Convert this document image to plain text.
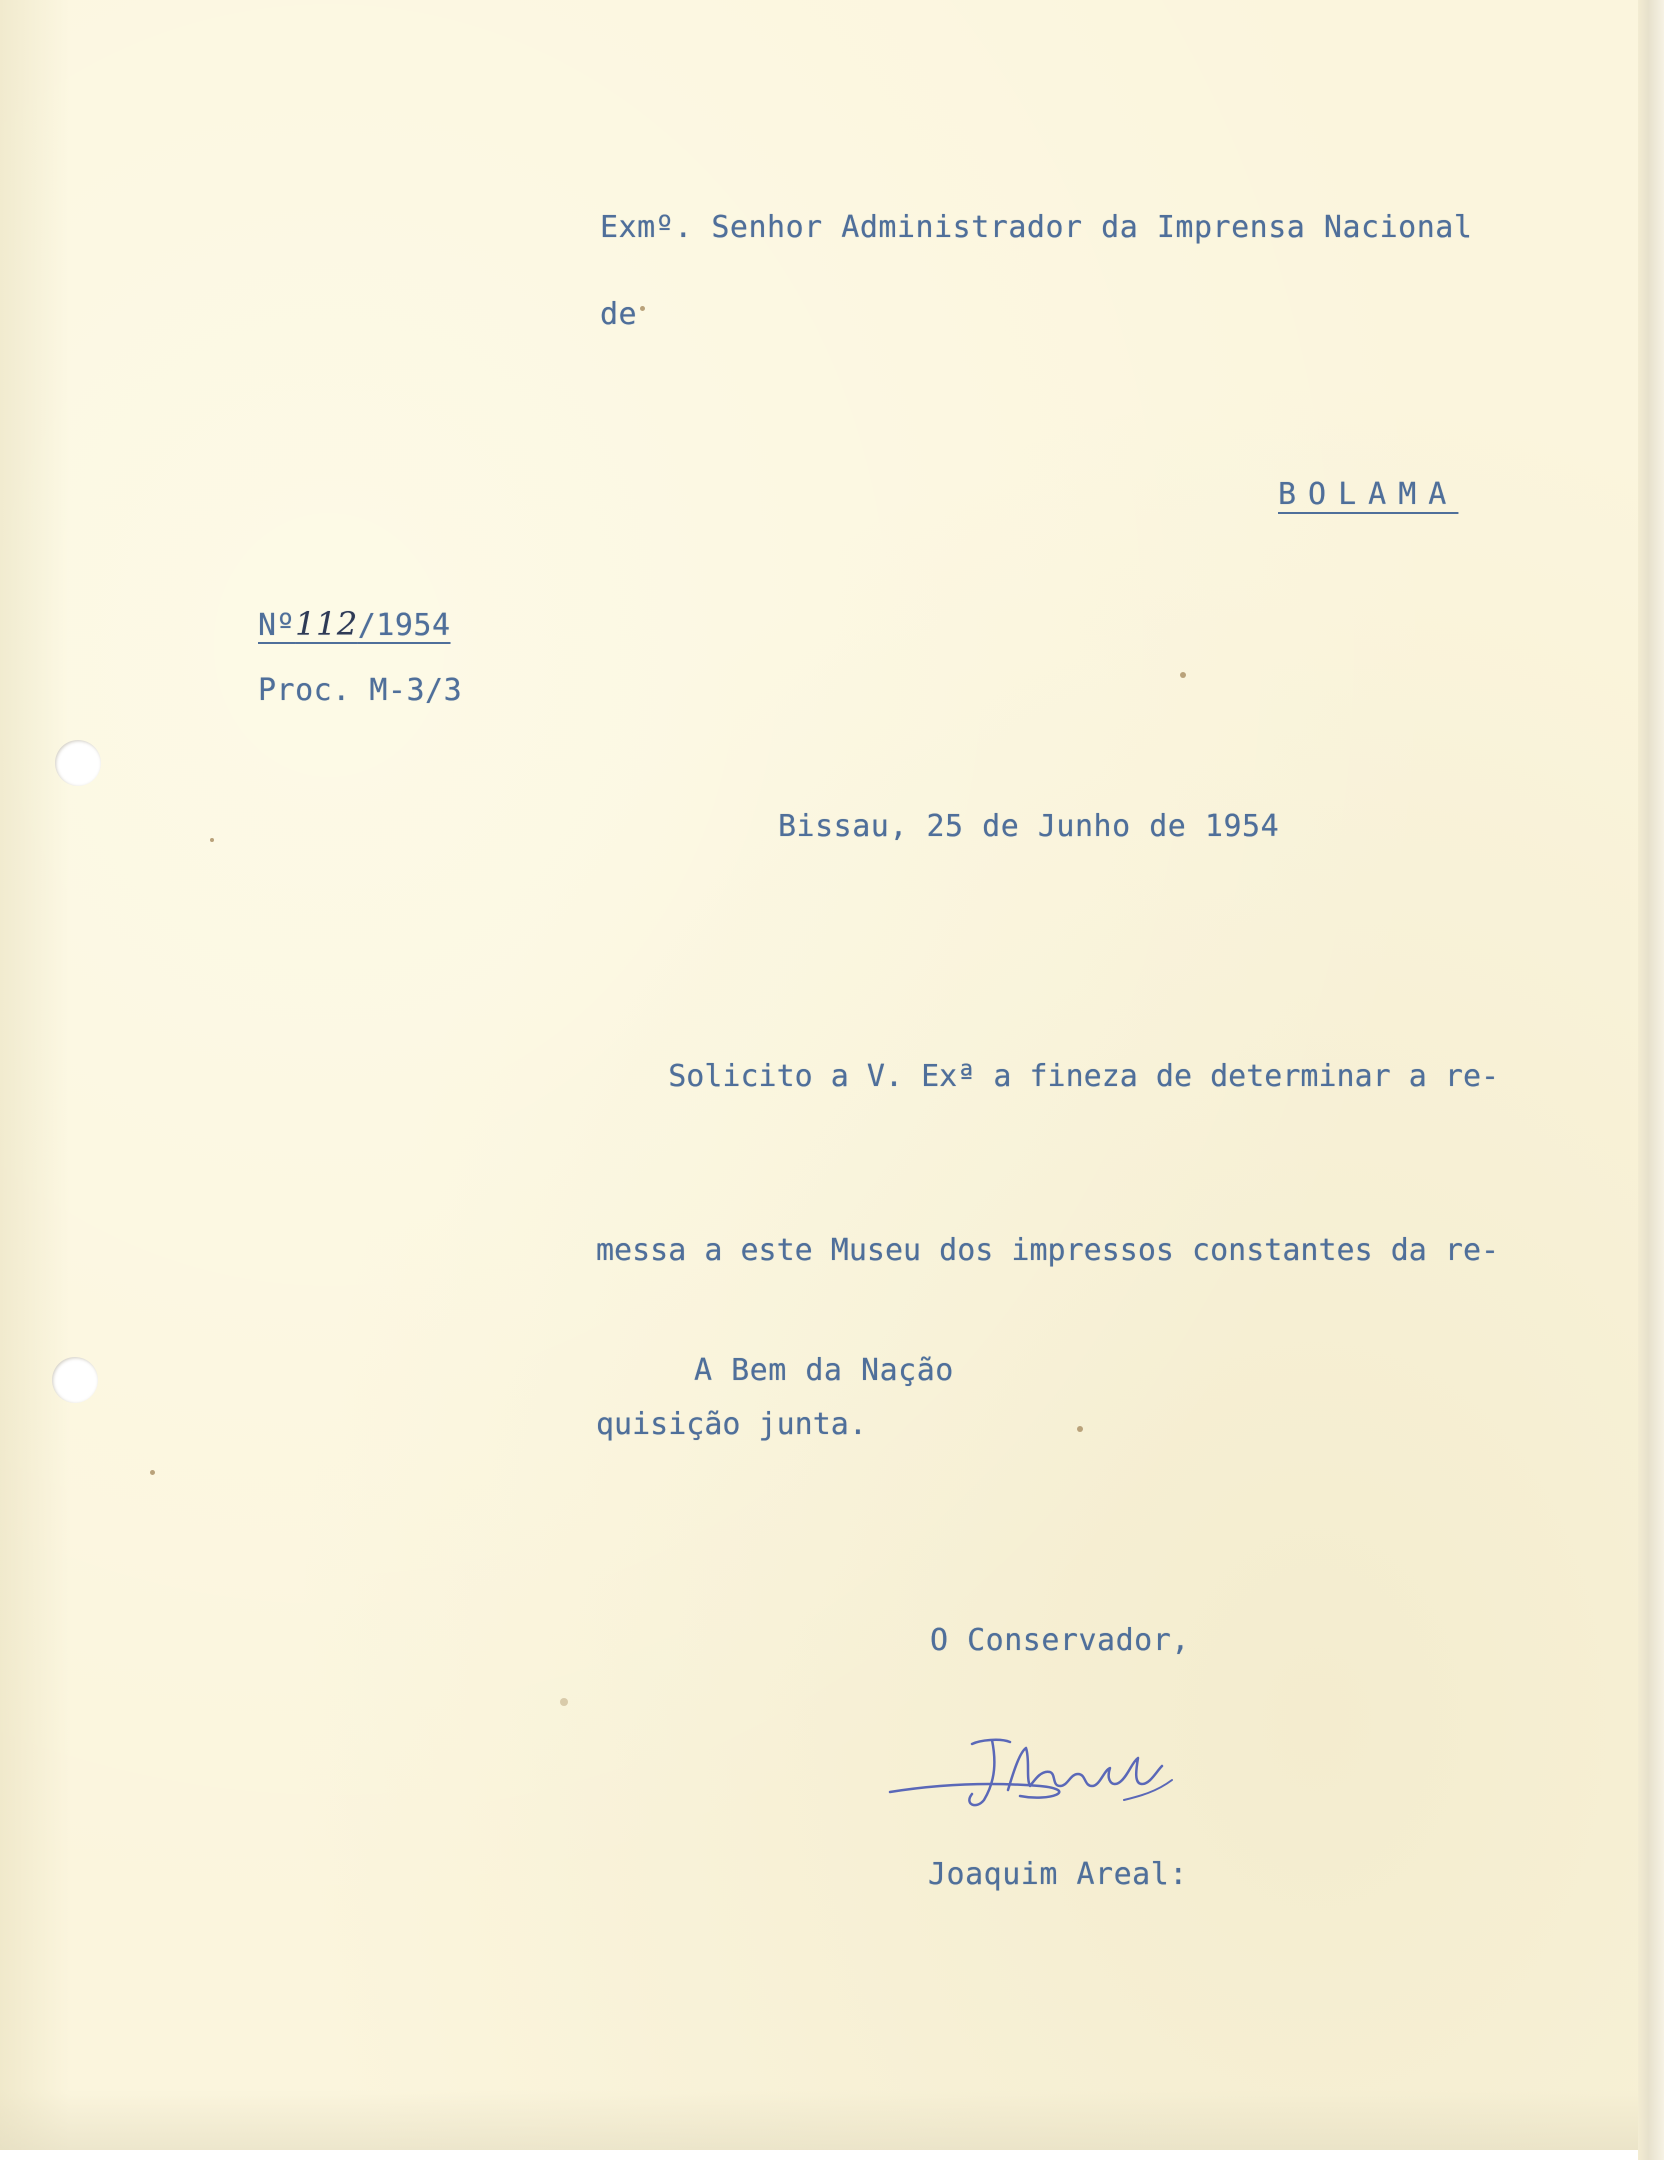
Exmº. Senhor Administrador da Imprensa Nacional
de
BOLAMA
Nº112/1954
Proc. M-3/3
Bissau, 25 de Junho de 1954

Solicito a V. Exª a fineza de determinar a re-

messa a este Museu dos impressos constantes da re-

quisição junta.

A Bem da Nação
O Conservador,
Joaquim Areal:
